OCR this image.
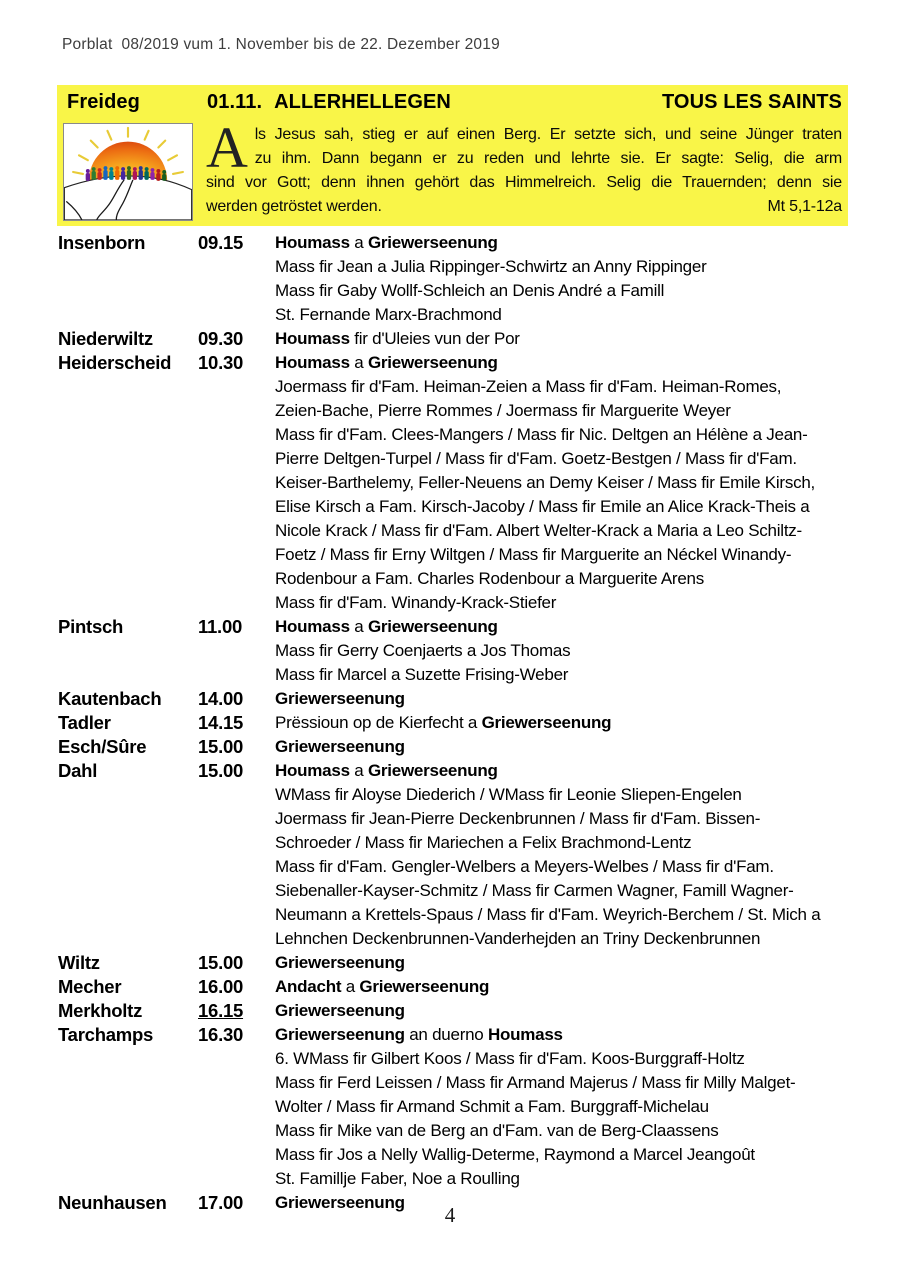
Porblat  08/2019 vum 1. November bis de 22. Dezember 2019
Freideg	01.11. ALLERHELLEGEN	TOUS LES SAINTS
A ls Jesus sah, stieg er auf einen Berg. Er setzte sich, und seine Jünger traten
zu ihm. Dann begann er zu reden und lehrte sie. Er sagte: Selig, die arm
sind vor Gott; denn ihnen gehört das Himmelreich. Selig die Trauernden; denn sie
Mt 5,1-12a
werden getröstet werden.
Insenborn	09.15 Houmass a Griewerseenung
Mass fir Jean a Julia Rippinger-Schwirtz an Anny Rippinger
Mass fir Gaby Wollf-Schleich an Denis André a Famill
St. Fernande Marx-Brachmond
Niederwiltz	09.30 Houmass fir d'Uleies vun der Por
Heiderscheid	10.30 Houmass a Griewerseenung
Joermass fir d'Fam. Heiman-Zeien a Mass fir d'Fam. Heiman-Romes,
Zeien-Bache, Pierre Rommes / Joermass fir Marguerite Weyer
Mass fir d'Fam. Clees-Mangers / Mass fir Nic. Deltgen an Hélène a Jean-
Pierre Deltgen-Turpel / Mass fir d'Fam. Goetz-Bestgen / Mass fir d'Fam.
Keiser-Barthelemy, Feller-Neuens an Demy Keiser / Mass fir Emile Kirsch,
Elise Kirsch a Fam. Kirsch-Jacoby / Mass fir Emile an Alice Krack-Theis a
Nicole Krack / Mass fir d'Fam. Albert Welter-Krack a Maria a Leo Schiltz-
Foetz / Mass fir Erny Wiltgen / Mass fir Marguerite an Néckel Winandy-
Rodenbour a Fam. Charles Rodenbour a Marguerite Arens
Mass fir d'Fam. Winandy-Krack-Stiefer
Pintsch	11.00 Houmass a Griewerseenung
Mass fir Gerry Coenjaerts a Jos Thomas
Mass fir Marcel a Suzette Frising-Weber
Kautenbach	14.00 Griewerseenung
Tadler	14.15 Prëssioun op de Kierfecht a Griewerseenung
Esch/Sûre	15.00 Griewerseenung
Dahl	15.00 Houmass a Griewerseenung
WMass fir Aloyse Diederich / WMass fir Leonie Sliepen-Engelen
Joermass fir Jean-Pierre Deckenbrunnen / Mass fir d'Fam. Bissen-
Schroeder / Mass fir Mariechen a Felix Brachmond-Lentz
Mass fir d'Fam. Gengler-Welbers a Meyers-Welbes / Mass fir d'Fam.
Siebenaller-Kayser-Schmitz / Mass fir Carmen Wagner, Famill Wagner-
Neumann a Krettels-Spaus / Mass fir d'Fam. Weyrich-Berchem / St. Mich a
Lehnchen Deckenbrunnen-Vanderhejden an Triny Deckenbrunnen
Wiltz	15.00 Griewerseenung
Mecher	16.00 Andacht a Griewerseenung
Merkholtz	16.15 Griewerseenung
Tarchamps	16.30 Griewerseenung an duerno Houmass
6. WMass fir Gilbert Koos / Mass fir d'Fam. Koos-Burggraff-Holtz
Mass fir Ferd Leissen / Mass fir Armand Majerus / Mass fir Milly Malget-
Wolter / Mass fir Armand Schmit a Fam. Burggraff-Michelau
Mass fir Mike van de Berg an d'Fam. van de Berg-Claassens
Mass fir Jos a Nelly Wallig-Determe, Raymond a Marcel Jeangoût
St. Famillje Faber, Noe a Roulling
Neunhausen	17.00 Griewerseenung
4
